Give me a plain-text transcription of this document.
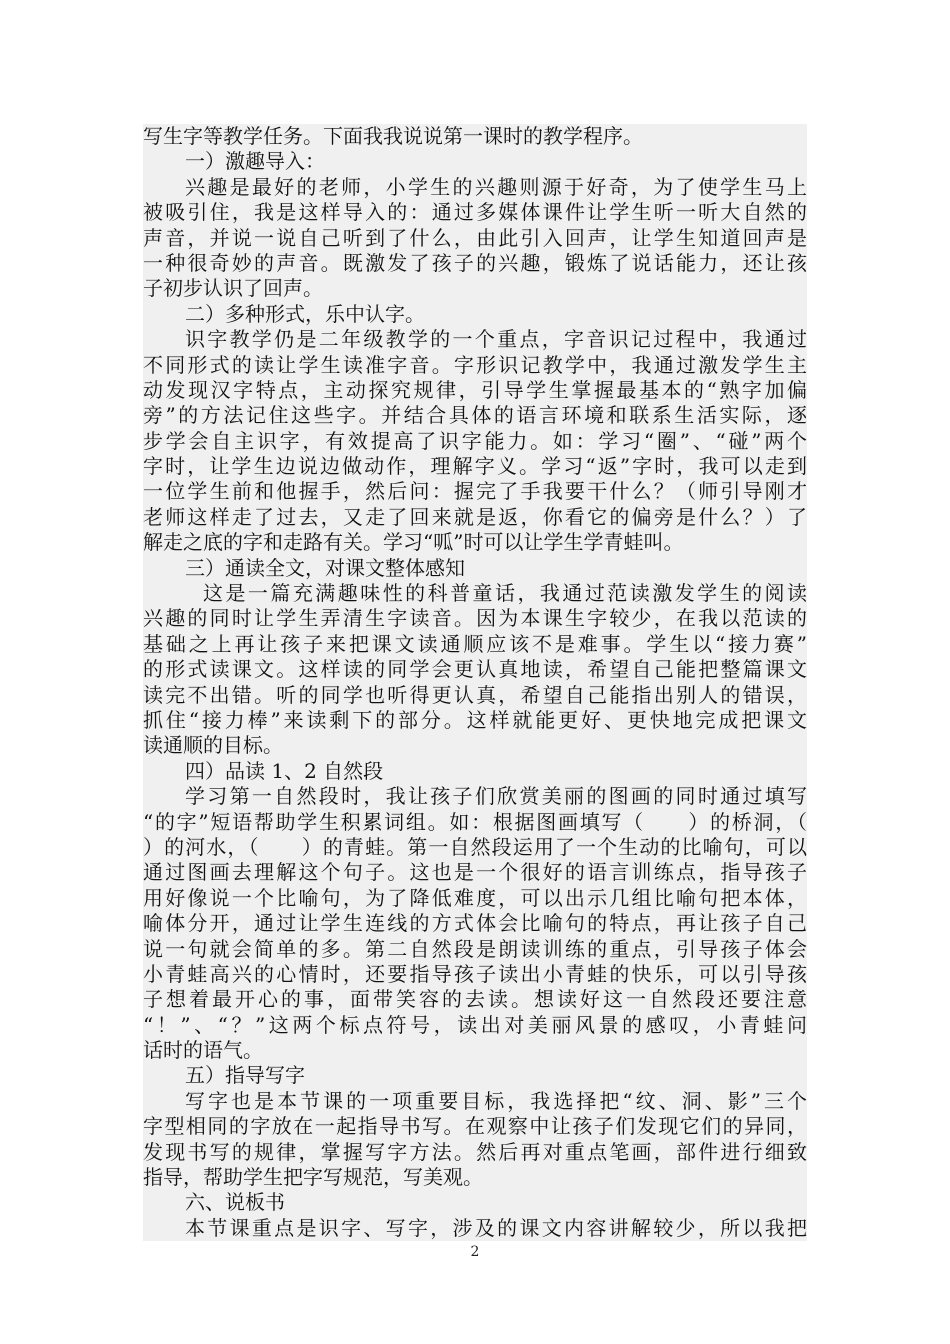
写生字等教学任务。下面我我说说第一课时的教学程序。
一）激趣导入：
兴趣是最好的老师，小学生的兴趣则源于好奇，为了使学生马上
被吸引住，我是这样导入的：通过多媒体课件让学生听一听大自然的
声音，并说一说自己听到了什么，由此引入回声，让学生知道回声是
一种很奇妙的声音。既激发了孩子的兴趣，锻炼了说话能力，还让孩
子初步认识了回声。
二）多种形式，乐中认字。
识字教学仍是二年级教学的一个重点，字音识记过程中，我通过
不同形式的读让学生读准字音。字形识记教学中，我通过激发学生主
动发现汉字特点，主动探究规律，引导学生掌握最基本的“熟字加偏
旁”的方法记住这些字。并结合具体的语言环境和联系生活实际，逐
步学会自主识字，有效提高了识字能力。如：学习“圈”、“碰”两个
字时，让学生边说边做动作，理解字义。学习“返”字时，我可以走到
一位学生前和他握手，然后问：握完了手我要干什么？（师引导刚才
老师这样走了过去，又走了回来就是返，你看它的偏旁是什么？）了
解走之底的字和走路有关。学习“呱”时可以让学生学青蛙叫。
三）通读全文，对课文整体感知
这是一篇充满趣味性的科普童话，我通过范读激发学生的阅读
兴趣的同时让学生弄清生字读音。因为本课生字较少，在我以范读的
基础之上再让孩子来把课文读通顺应该不是难事。学生以“接力赛”
的形式读课文。这样读的同学会更认真地读，希望自己能把整篇课文
读完不出错。听的同学也听得更认真，希望自己能指出别人的错误，
抓住“接力棒”来读剩下的部分。这样就能更好、更快地完成把课文
读通顺的目标。
四）品读 1、2 自然段
学习第一自然段时，我让孩子们欣赏美丽的图画的同时通过填写
“的字”短语帮助学生积累词组。如：根据图画填写（　　）的桥洞，（
）的河水，（　　）的青蛙。第一自然段运用了一个生动的比喻句，可以
通过图画去理解这个句子。这也是一个很好的语言训练点，指导孩子
用好像说一个比喻句，为了降低难度，可以出示几组比喻句把本体，
喻体分开，通过让学生连线的方式体会比喻句的特点，再让孩子自己
说一句就会简单的多。第二自然段是朗读训练的重点，引导孩子体会
小青蛙高兴的心情时，还要指导孩子读出小青蛙的快乐，可以引导孩
子想着最开心的事，面带笑容的去读。想读好这一自然段还要注意
“！”、“？”这两个标点符号，读出对美丽风景的感叹，小青蛙问
话时的语气。
五）指导写字
写字也是本节课的一项重要目标，我选择把“纹、洞、影”三个
字型相同的字放在一起指导书写。在观察中让孩子们发现它们的异同，
发现书写的规律，掌握写字方法。然后再对重点笔画，部件进行细致
指导，帮助学生把字写规范，写美观。
六、说板书
本节课重点是识字、写字，涉及的课文内容讲解较少，所以我把
2
